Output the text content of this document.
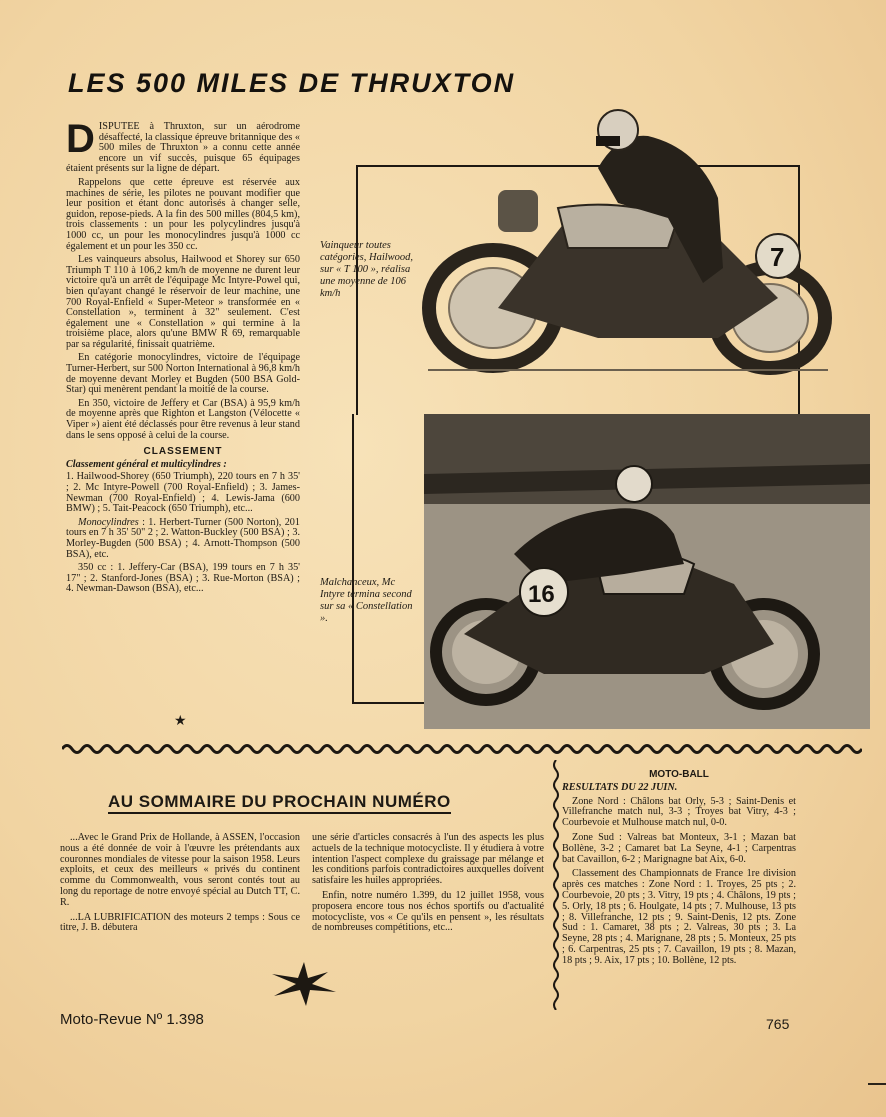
LES 500 MILES DE THRUXTON

DISPUTEE à Thruxton, sur un aérodrome désaffecté, la classique épreuve britannique des « 500 miles de Thruxton » a connu cette année encore un vif succès, puisque 65 équipages étaient présents sur la ligne de départ.

Rappelons que cette épreuve est réservée aux machines de série, les pilotes ne pouvant modifier que leur position et étant donc autorisés à changer selle, guidon, repose-pieds. A la fin des 500 milles (804,5 km), trois classements : un pour les polycylindres jusqu'à 1000 cc, un pour les monocylindres jusqu'à 1000 cc également et un pour les 350 cc.

Les vainqueurs absolus, Hailwood et Shorey sur 650 Triumph T 110 à 106,2 km/h de moyenne ne durent leur victoire qu'à un arrêt de l'équipage Mc Intyre-Powel qui, bien qu'ayant changé le réservoir de leur machine, une 700 Royal-Enfield « Super-Meteor » transformée en « Constellation », terminent à 32" seulement. C'est également une « Constellation » qui termine à la troisième place, alors qu'une BMW R 69, remarquable par sa régularité, finissait quatrième.

En catégorie monocylindres, victoire de l'équipage Turner-Herbert, sur 500 Norton International à 96,8 km/h de moyenne devant Morley et Bugden (500 BSA Gold-Star) qui menèrent pendant la moitié de la course.

En 350, victoire de Jeffery et Car (BSA) à 95,9 km/h de moyenne après que Righton et Langston (Vélocette « Viper ») aient été déclassés pour être revenus à leur stand dans le sens opposé à celui de la course.

CLASSEMENT

Classement général et multicylindres :

1. Hailwood-Shorey (650 Triumph), 220 tours en 7 h 35' ; 2. Mc Intyre-Powell (700 Royal-Enfield) ; 3. James-Newman (700 Royal-Enfield) ; 4. Lewis-Jama (600 BMW) ; 5. Tait-Peacock (650 Triumph), etc...

Monocylindres : 1. Herbert-Turner (500 Norton), 201 tours en 7 h 35' 50" 2 ; 2. Watton-Buckley (500 BSA) ; 3. Morley-Bugden (500 BSA) ; 4. Arnott-Thompson (500 BSA), etc.

350 cc : 1. Jeffery-Car (BSA), 199 tours en 7 h 35' 17" ; 2. Stanford-Jones (BSA) ; 3. Rue-Morton (BSA) ; 4. Newman-Dawson (BSA), etc...

★
7
16
Vainqueur toutes catégories, Hailwood, sur « T 100 », réalisa une moyenne de 106 km/h
Malchanceux, Mc Intyre termina second sur sa « Constellation ».
AU SOMMAIRE DU PROCHAIN NUMÉRO

...Avec le Grand Prix de Hollande, à ASSEN, l'occasion nous a été donnée de voir à l'œuvre les prétendants aux couronnes mondiales de vitesse pour la saison 1958. Leurs exploits, et ceux des meilleurs « privés du continent comme du Commonwealth, vous seront contés tout au long du reportage de notre envoyé spécial au Dutch TT, C. R.

...LA LUBRIFICATION des moteurs 2 temps : Sous ce titre, J. B. débutera

une série d'articles consacrés à l'un des aspects les plus actuels de la technique motocycliste. Il y étudiera à votre intention l'aspect complexe du graissage par mélange et les conditions parfois contradictoires auxquelles doivent satisfaire les huiles appropriées.

Enfin, notre numéro 1.399, du 12 juillet 1958, vous proposera encore tous nos échos sportifs ou d'actualité motocycliste, vos « Ce qu'ils en pensent », les résultats de nombreuses compétitions, etc...

MOTO-BALL
RESULTATS DU 22 JUIN.

Zone Nord : Châlons bat Orly, 5-3 ; Saint-Denis et Villefranche match nul, 3-3 ; Troyes bat Vitry, 4-3 ; Courbevoie et Mulhouse match nul, 0-0.

Zone Sud : Valreas bat Monteux, 3-1 ; Mazan bat Bollène, 3-2 ; Camaret bat La Seyne, 4-1 ; Carpentras bat Cavaillon, 6-2 ; Marignagne bat Aix, 6-0.

Classement des Championnats de France 1re division après ces matches : Zone Nord : 1. Troyes, 25 pts ; 2. Courbevoie, 20 pts ; 3. Vitry, 19 pts ; 4. Châlons, 19 pts ; 5. Orly, 18 pts ; 6. Houlgate, 14 pts ; 7. Mulhouse, 13 pts ; 8. Villefranche, 12 pts ; 9. Saint-Denis, 12 pts. Zone Sud : 1. Camaret, 38 pts ; 2. Valreas, 30 pts ; 3. La Seyne, 28 pts ; 4. Marignane, 28 pts ; 5. Monteux, 25 pts ; 6. Carpentras, 25 pts ; 7. Cavaillon, 19 pts ; 8. Mazan, 18 pts ; 9. Aix, 17 pts ; 10. Bollène, 12 pts.

Moto-Revue Nº 1.398	765
